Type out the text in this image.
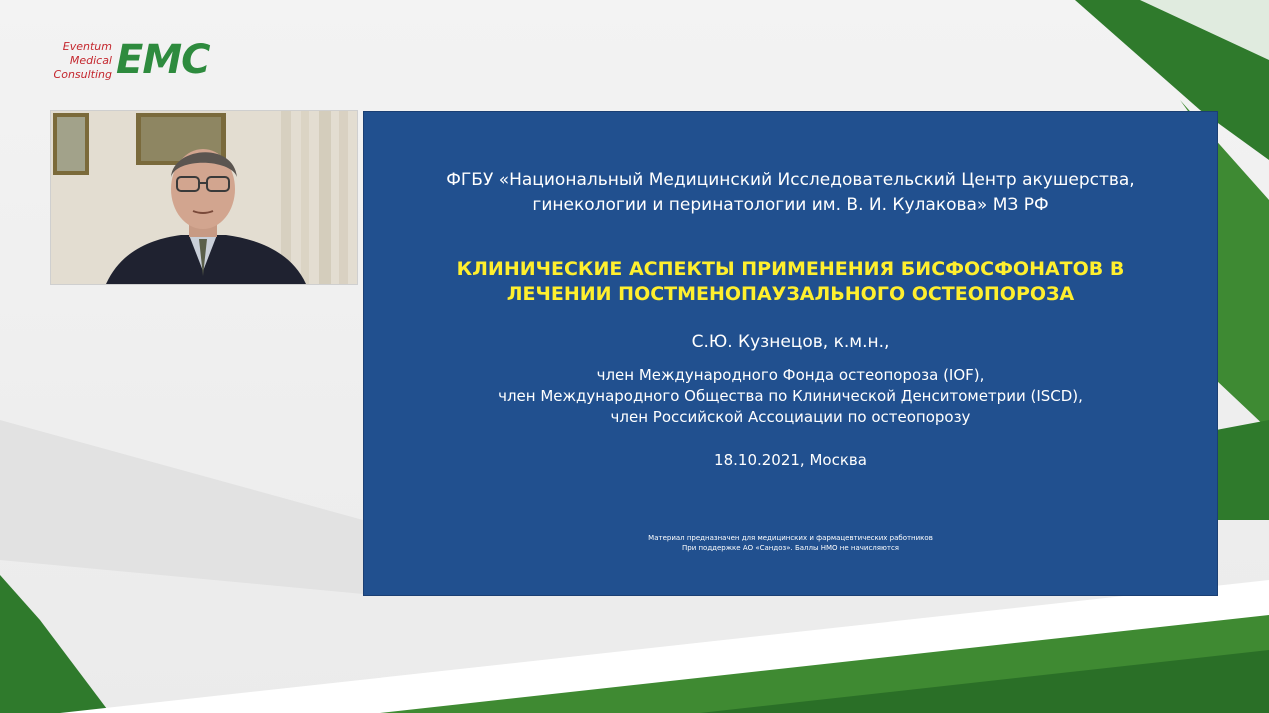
Eventum
Medical
Consulting EMC
ФГБУ «Национальный Медицинский Исследовательский Центр акушерства,
гинекологии и перинатологии им. В. И. Кулакова» МЗ РФ
КЛИНИЧЕСКИЕ АСПЕКТЫ ПРИМЕНЕНИЯ БИСФОСФОНАТОВ В
ЛЕЧЕНИИ ПОСТМЕНОПАУЗАЛЬНОГО ОСТЕОПОРОЗА
С.Ю. Кузнецов, к.м.н.,
член Международного Фонда остеопороза (IOF),
член Международного Общества по Клинической Денситометрии (ISCD),
член Российской Ассоциации по остеопорозу
18.10.2021, Москва
Материал предназначен для медицинских и фармацевтических работников
При поддержке АО «Сандоз». Баллы НМО не начисляются
